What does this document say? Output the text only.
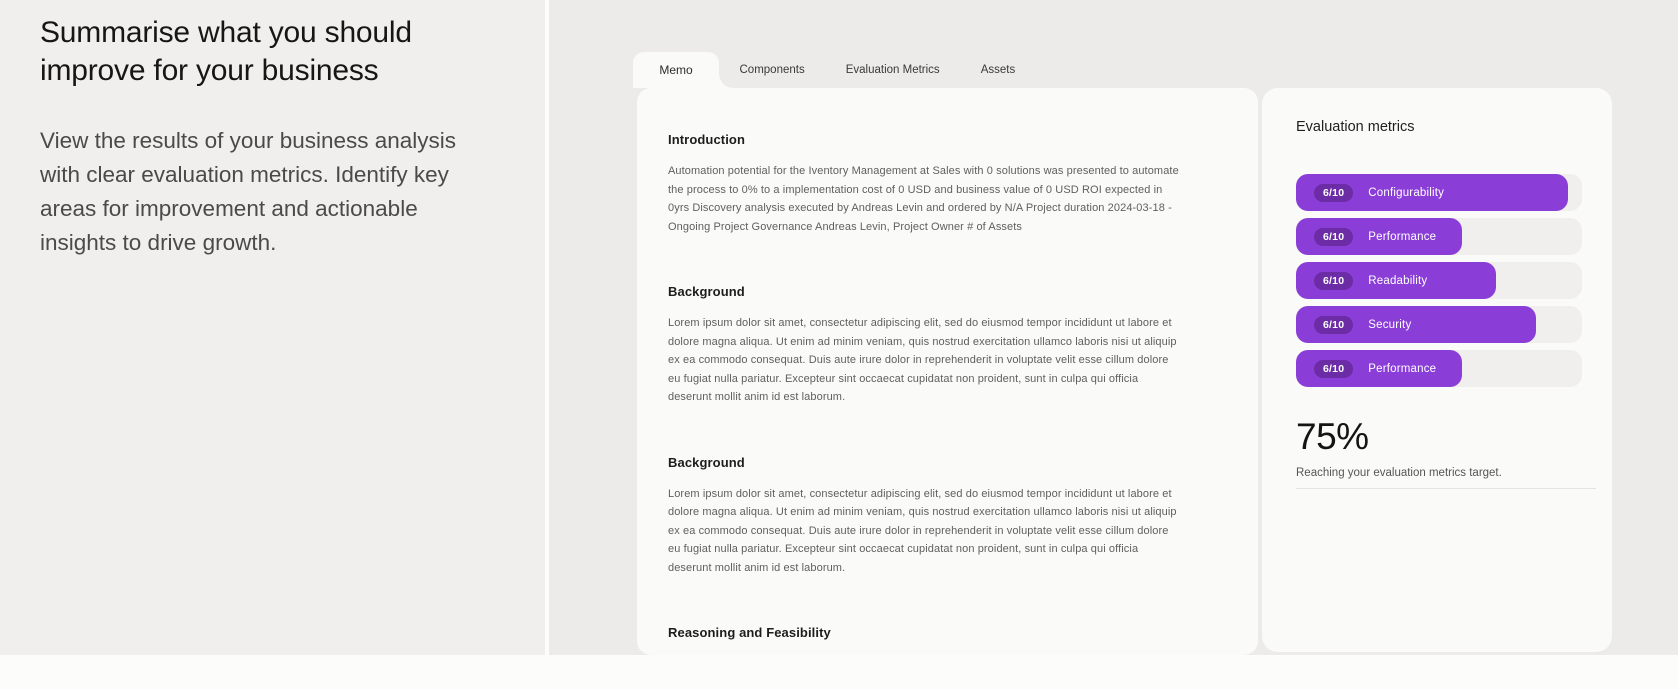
Summarise what you should improve for your business

View the results of your business analysis with clear evaluation metrics. Identify key areas for improvement and actionable insights to drive growth.

Memo	Components	Evaluation Metrics	Assets
Introduction

Automation potential for the Iventory Management at Sales with 0 solutions was presented to automate the process to 0% to a implementation cost of 0 USD and business value of 0 USD ROI expected in 0yrs Discovery analysis executed by Andreas Levin and ordered by N/A Project duration 2024-03-18 - Ongoing Project Governance Andreas Levin, Project Owner # of Assets

Background

Lorem ipsum dolor sit amet, consectetur adipiscing elit, sed do eiusmod tempor incididunt ut labore et dolore magna aliqua. Ut enim ad minim veniam, quis nostrud exercitation ullamco laboris nisi ut aliquip ex ea commodo consequat. Duis aute irure dolor in reprehenderit in voluptate velit esse cillum dolore eu fugiat nulla pariatur. Excepteur sint occaecat cupidatat non proident, sunt in culpa qui officia deserunt mollit anim id est laborum.

Background

Lorem ipsum dolor sit amet, consectetur adipiscing elit, sed do eiusmod tempor incididunt ut labore et dolore magna aliqua. Ut enim ad minim veniam, quis nostrud exercitation ullamco laboris nisi ut aliquip ex ea commodo consequat. Duis aute irure dolor in reprehenderit in voluptate velit esse cillum dolore eu fugiat nulla pariatur. Excepteur sint occaecat cupidatat non proident, sunt in culpa qui officia deserunt mollit anim id est laborum.

Reasoning and Feasibility

Evaluation metrics
6/10	Configurability
6/10	Performance
6/10	Readability
6/10	Security
6/10	Performance
75%
Reaching your evaluation metrics target.
